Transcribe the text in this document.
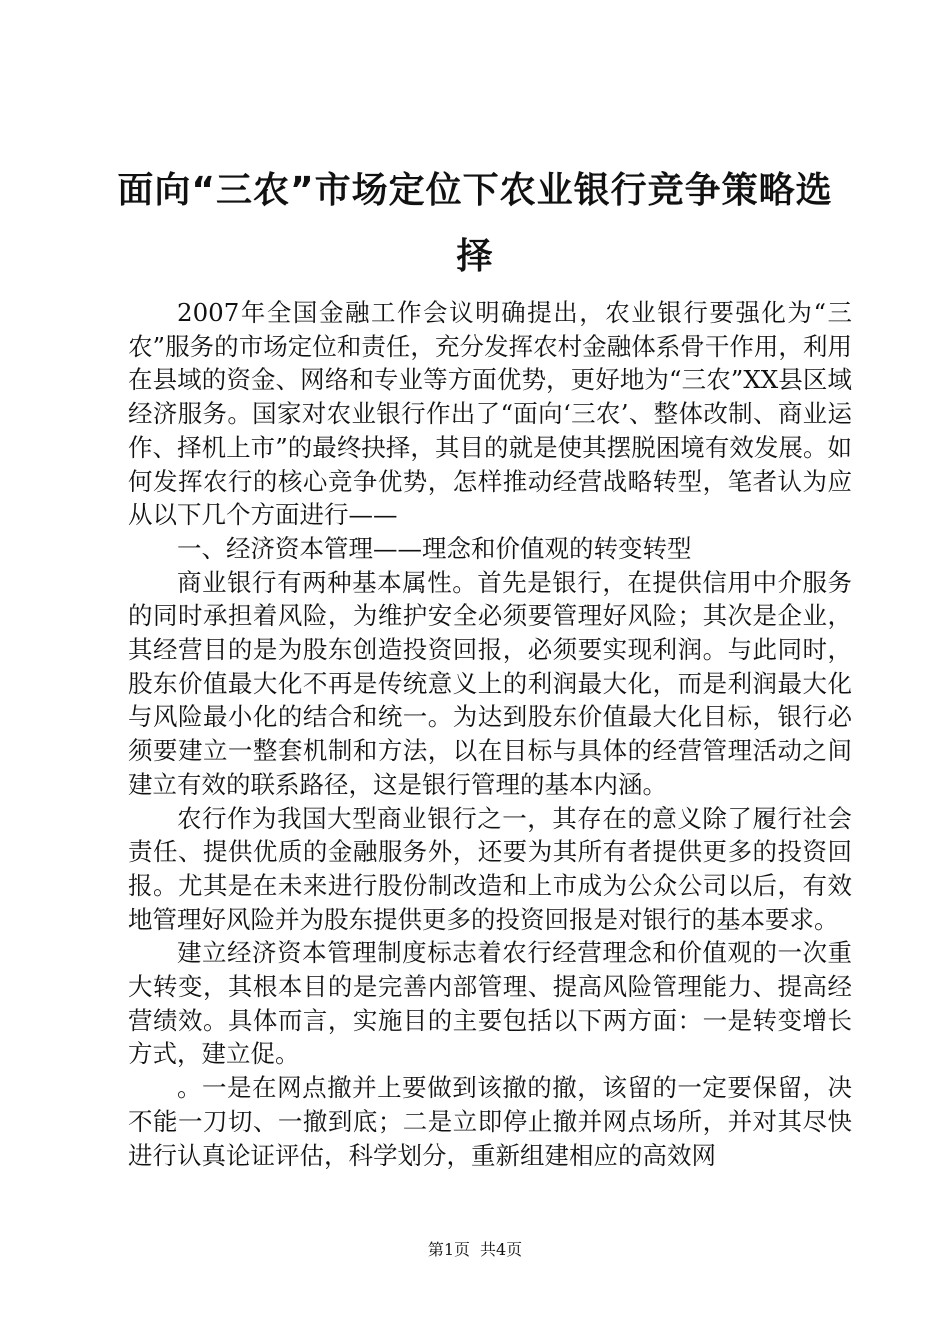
面向“三农”市场定位下农业银行竞争策略选择

2007年全国金融工作会议明确提出，农业银行要强化为“三农”服务的市场定位和责任，充分发挥农村金融体系骨干作用，利用在县域的资金、网络和专业等方面优势，更好地为“三农”XX县区域经济服务。国家对农业银行作出了“面向‘三农’、整体改制、商业运作、择机上市”的最终抉择，其目的就是使其摆脱困境有效发展。如何发挥农行的核心竞争优势，怎样推动经营战略转型，笔者认为应从以下几个方面进行——

一、经济资本管理——理念和价值观的转变转型

商业银行有两种基本属性。首先是银行，在提供信用中介服务的同时承担着风险，为维护安全必须要管理好风险；其次是企业，其经营目的是为股东创造投资回报，必须要实现利润。与此同时，股东价值最大化不再是传统意义上的利润最大化，而是利润最大化与风险最小化的结合和统一。为达到股东价值最大化目标，银行必须要建立一整套机制和方法，以在目标与具体的经营管理活动之间建立有效的联系路径，这是银行管理的基本内涵。

农行作为我国大型商业银行之一，其存在的意义除了履行社会责任、提供优质的金融服务外，还要为其所有者提供更多的投资回报。尤其是在未来进行股份制改造和上市成为公众公司以后，有效地管理好风险并为股东提供更多的投资回报是对银行的基本要求。

建立经济资本管理制度标志着农行经营理念和价值观的一次重大转变，其根本目的是完善内部管理、提高风险管理能力、提高经营绩效。具体而言，实施目的主要包括以下两方面：一是转变增长方式，建立促。

。一是在网点撤并上要做到该撤的撤，该留的一定要保留，决不能一刀切、一撤到底；二是立即停止撤并网点场所，并对其尽快进行认真论证评估，科学划分，重新组建相应的高效网

第1页 共4页
